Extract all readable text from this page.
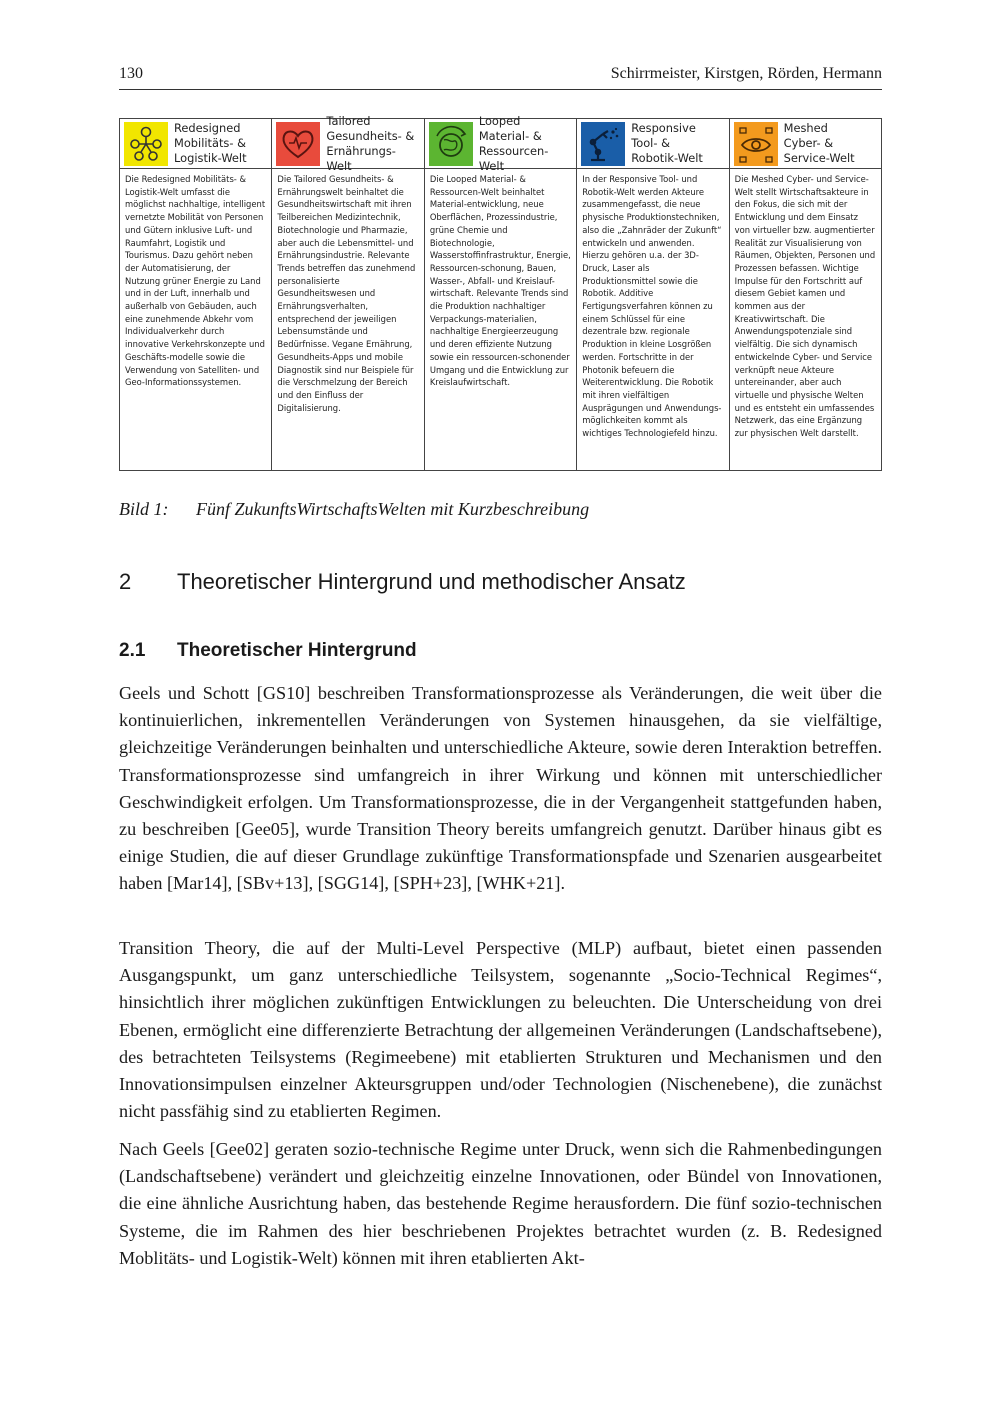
130	Schirrmeister, Kirstgen, Rörden, Hermann
Redesigned
Mobilitäts- &
Logistik-Welt
Die Redesigned Mobilitäts- & Logistik-Welt umfasst die möglichst nachhaltige, intelligent vernetzte Mobilität von Personen und Gütern inklusive Luft- und Raumfahrt, Logistik und Tourismus. Dazu gehört neben der Automatisierung, der Nutzung grüner Energie zu Land und in der Luft, innerhalb und außerhalb von Gebäuden, auch eine zunehmende Abkehr vom Individualverkehr durch innovative Verkehrskonzepte und Geschäfts-modelle sowie die Verwendung von Satelliten- und Geo-Informationssystemen.
Tailored
Gesundheits- &
Ernährungs-Welt
Die Tailored Gesundheits- & Ernährungswelt beinhaltet die Gesundheitswirtschaft mit ihren Teilbereichen Medizintechnik, Biotechnologie und Pharmazie, aber auch die Lebensmittel- und Ernährungsindustrie. Relevante Trends betreffen das zunehmend personalisierte Gesundheitswesen und Ernährungsverhalten, entsprechend der jeweiligen Lebensumstände und Bedürfnisse. Vegane Ernährung, Gesundheits-Apps und mobile Diagnostik sind nur Beispiele für die Verschmelzung der Bereich und den Einfluss der Digitalisierung.
Looped
Material- &
Ressourcen-Welt
Die Looped Material- & Ressourcen-Welt beinhaltet Material-entwicklung, neue Oberflächen, Prozessindustrie, grüne Chemie und Biotechnologie, Wasserstoffinfrastruktur, Energie, Ressourcen-schonung, Bauen, Wasser-, Abfall- und Kreislauf-wirtschaft. Relevante Trends sind die Produktion nachhaltiger Verpackungs-materialien, nachhaltige Energieerzeugung und deren effiziente Nutzung sowie ein ressourcen-schonender Umgang und die Entwicklung zur Kreislaufwirtschaft.
Responsive
Tool- &
Robotik-Welt
In der Responsive Tool- und Robotik-Welt werden Akteure zusammengefasst, die neue physische Produktionstechniken, also die „Zahnräder der Zukunft“ entwickeln und anwenden. Hierzu gehören u.a. der 3D-Druck, Laser als Produktionsmittel sowie die Robotik. Additive Fertigungsverfahren können zu einem Schlüssel für eine dezentrale bzw. regionale Produktion in kleine Losgrößen werden. Fortschritte in der Photonik befeuern die Weiterentwicklung. Die Robotik mit ihren vielfältigen Ausprägungen und Anwendungs-möglichkeiten kommt als wichtiges Technologiefeld hinzu.
Meshed
Cyber- &
Service-Welt
Die Meshed Cyber- und Service-Welt stellt Wirtschaftsakteure in den Fokus, die sich mit der Entwicklung und dem Einsatz von virtueller bzw. augmentierter Realität zur Visualisierung von Räumen, Objekten, Personen und Prozessen befassen. Wichtige Impulse für den Fortschritt auf diesem Gebiet kamen und kommen aus der Kreativwirtschaft. Die Anwendungspotenziale sind vielfältig. Die sich dynamisch entwickelnde Cyber- und Service verknüpft neue Akteure untereinander, aber auch virtuelle und physische Welten und es entsteht ein umfassendes Netzwerk, das eine Ergänzung zur physischen Welt darstellt.
Bild 1: Fünf ZukunftsWirtschaftsWelten mit Kurzbeschreibung
2 Theoretischer Hintergrund und methodischer Ansatz
2.1 Theoretischer Hintergrund

Geels und Schott [GS10] beschreiben Transformationsprozesse als Veränderungen, die weit über die kontinuierlichen, inkrementellen Veränderungen von Systemen hinausgehen, da sie vielfältige, gleichzeitige Veränderungen beinhalten und unterschiedliche Akteure, sowie deren Interaktion betreffen. Transformationsprozesse sind umfangreich in ihrer Wirkung und können mit unterschiedlicher Geschwindigkeit erfolgen. Um Transformationsprozesse, die in der Vergangenheit stattgefunden haben, zu beschreiben [Gee05], wurde Transition Theory bereits umfangreich genutzt. Darüber hinaus gibt es einige Studien, die auf dieser Grundlage zukünftige Transformationspfade und Szenarien ausgearbeitet haben [Mar14], [SBv+13], [SGG14], [SPH+23], [WHK+21].

Transition Theory, die auf der Multi-Level Perspective (MLP) aufbaut, bietet einen passenden Ausgangspunkt, um ganz unterschiedliche Teilsystem, sogenannte „Socio-Technical Regimes“, hinsichtlich ihrer möglichen zukünftigen Entwicklungen zu beleuchten. Die Unterscheidung von drei Ebenen, ermöglicht eine differenzierte Betrachtung der allgemeinen Veränderungen (Landschaftsebene), des betrachteten Teilsystems (Regimeebene) mit etablierten Strukturen und Mechanismen und den Innovationsimpulsen einzelner Akteursgruppen und/oder Technologien (Nischenebene), die zunächst nicht passfähig sind zu etablierten Regimen.

Nach Geels [Gee02] geraten sozio-technische Regime unter Druck, wenn sich die Rahmenbedingungen (Landschaftsebene) verändert und gleichzeitig einzelne Innovationen, oder Bündel von Innovationen, die eine ähnliche Ausrichtung haben, das bestehende Regime herausfordern. Die fünf sozio-technischen Systeme, die im Rahmen des hier beschriebenen Projektes betrachtet wurden (z. B. Redesigned Moblitäts- und Logistik-Welt) können mit ihren etablierten Akt-
